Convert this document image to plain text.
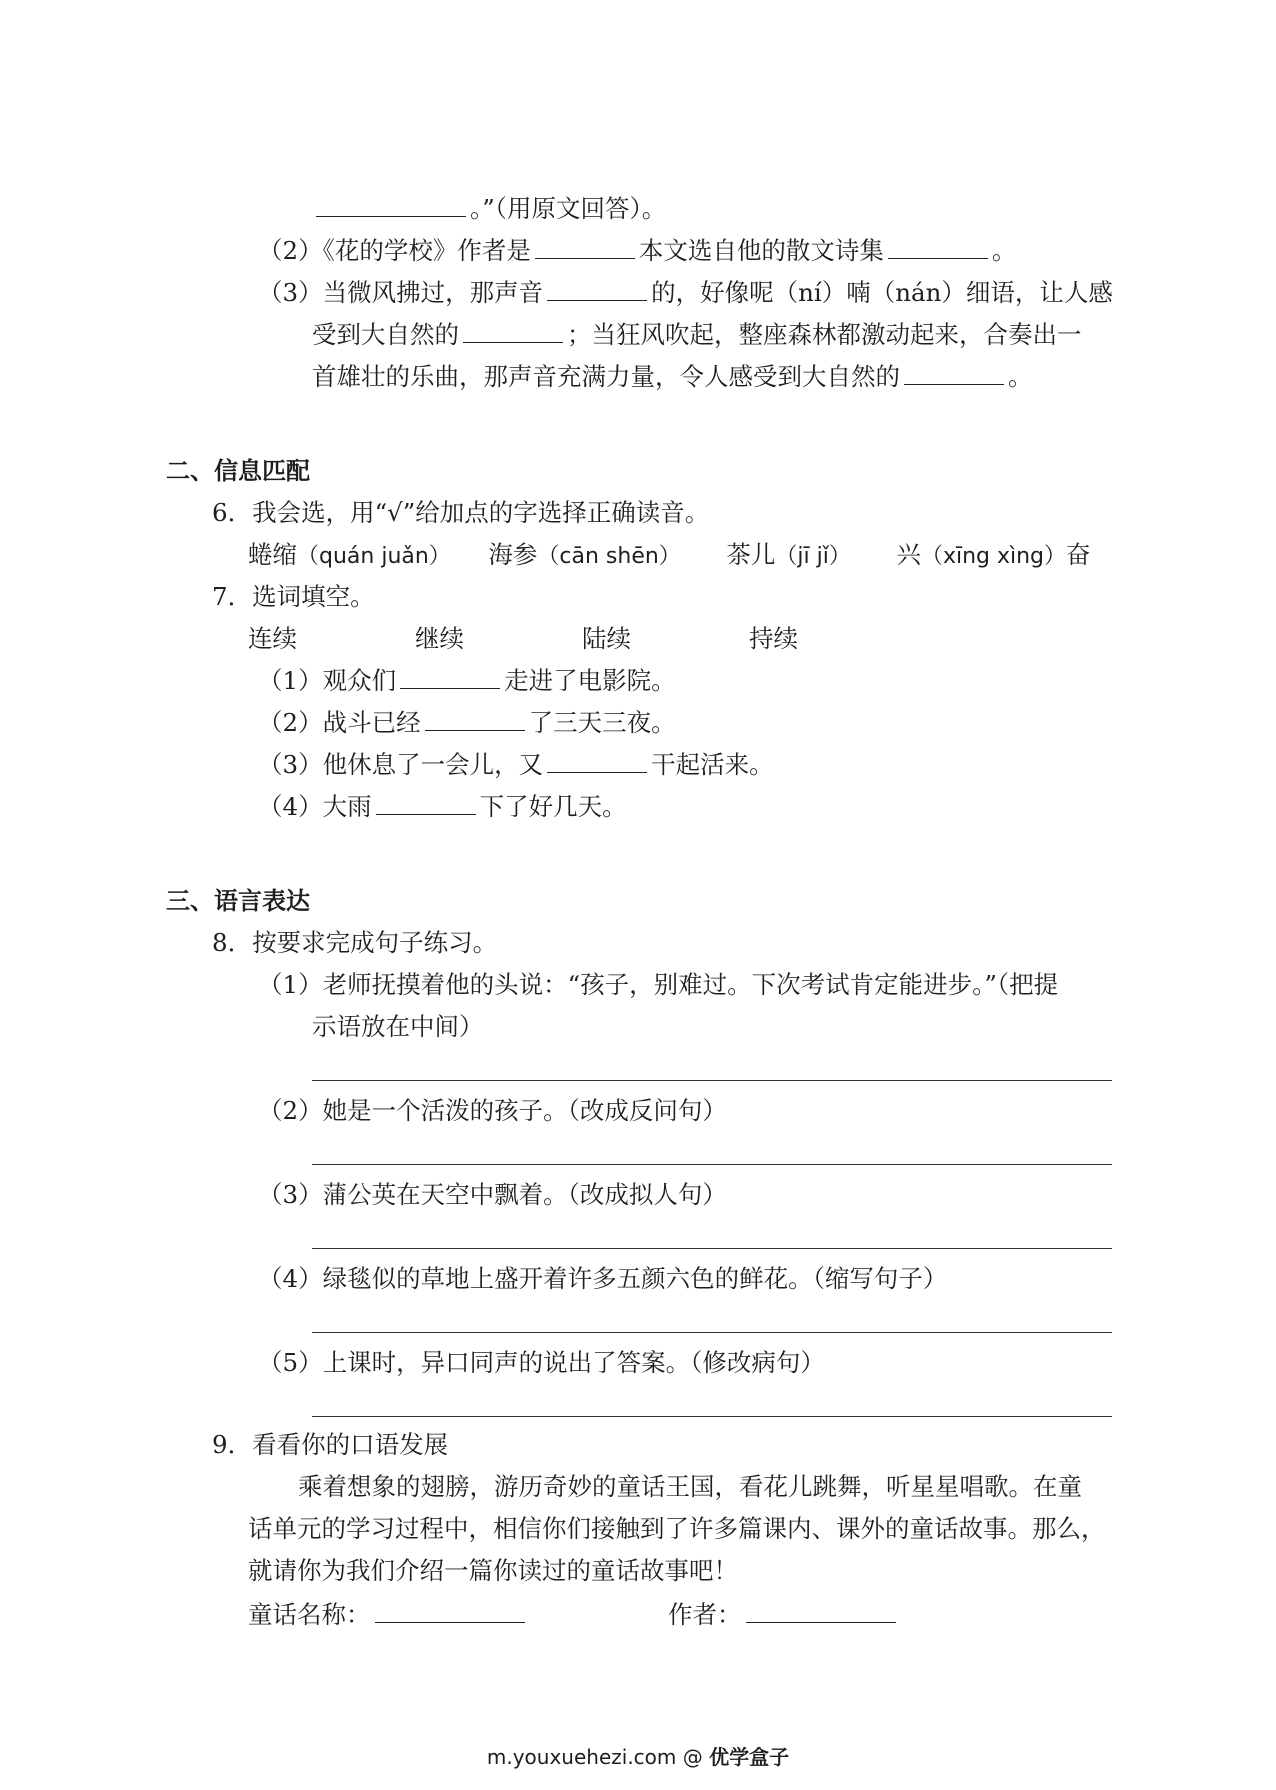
。”（用原文回答）。
（2）《花的学校》作者是	本文选自他的散文诗集	。
（3）当微风拂过，那声音	的，好像呢（ní）喃（nán）细语，让人感
受到大自然的	；当狂风吹起，整座森林都激动起来，合奏出一
首雄壮的乐曲，那声音充满力量，令人感受到大自然的	。
二、信息匹配
6．我会选，用“√”给加点的字选择正确读音。
蜷缩（quán juǎn） 海参（cān shēn） 茶儿（jī jǐ） 兴（xīng xìng）奋
7．选词填空。
连续	继续	陆续	持续
（1）观众们	走进了电影院。
（2）战斗已经	了三天三夜。
（3）他休息了一会儿，又	干起活来。
（4）大雨	下了好几天。
三、语言表达
8．按要求完成句子练习。
（1）老师抚摸着他的头说：“孩子，别难过。下次考试肯定能进步。”（把提
示语放在中间）
（2）她是一个活泼的孩子。（改成反问句）
（3）蒲公英在天空中飘着。（改成拟人句）
（4）绿毯似的草地上盛开着许多五颜六色的鲜花。（缩写句子）
（5）上课时，异口同声的说出了答案。（修改病句）
9．看看你的口语发展
乘着想象的翅膀，游历奇妙的童话王国，看花儿跳舞，听星星唱歌。在童
话单元的学习过程中，相信你们接触到了许多篇课内、课外的童话故事。那么，
就请你为我们介绍一篇你读过的童话故事吧！
童话名称：	作者：
m.youxuehezi.com @ 优学盒子
